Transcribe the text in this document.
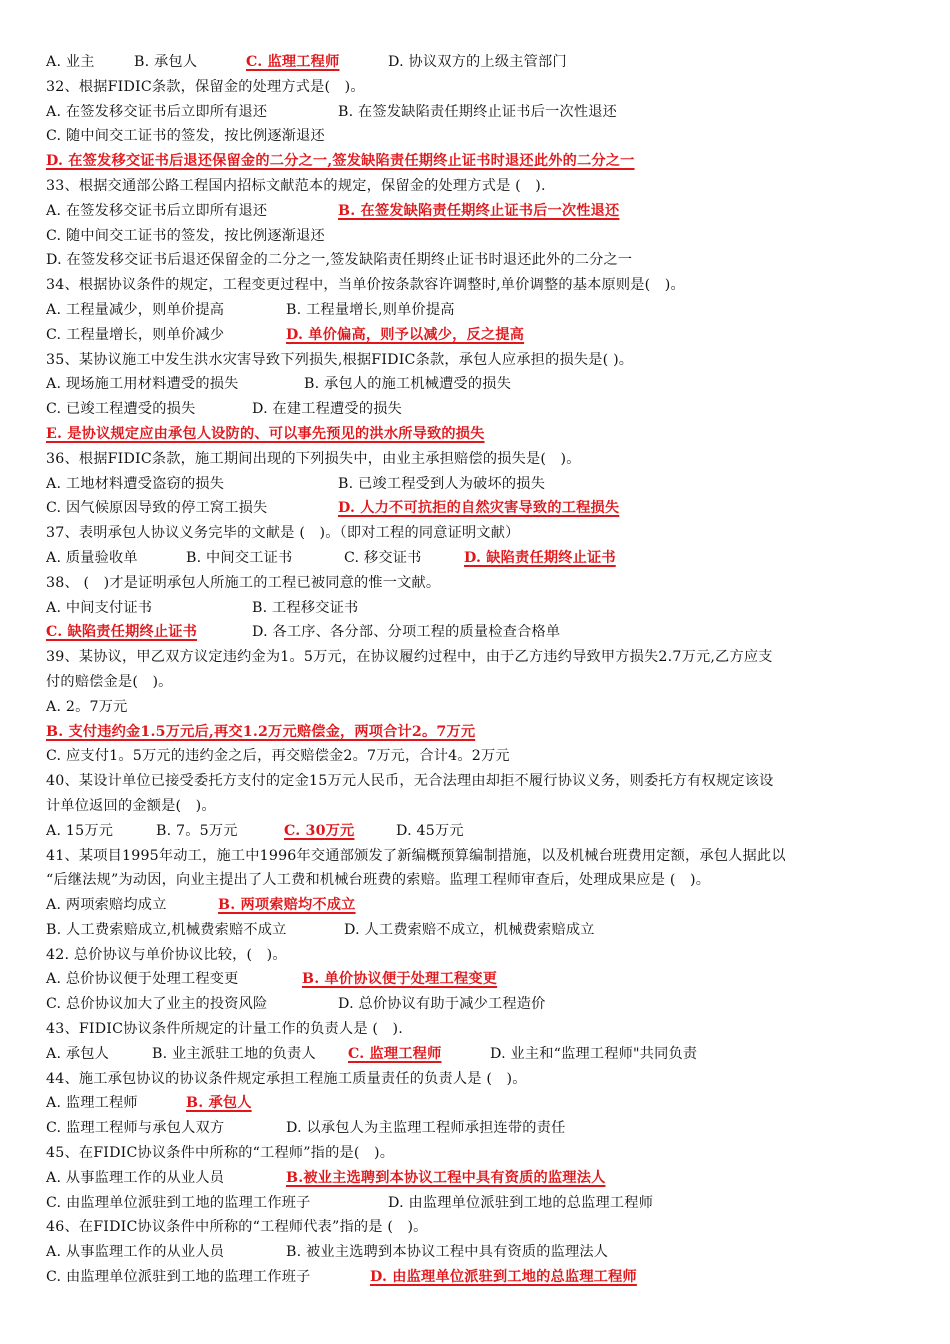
A. 业主	B. 承包人	C. 监理工程师	D. 协议双方的上级主管部门
32、根据FIDIC条款，保留金的处理方式是(　)。
A. 在签发移交证书后立即所有退还	B. 在签发缺陷责任期终止证书后一次性退还
C. 随中间交工证书的签发，按比例逐渐退还
D. 在签发移交证书后退还保留金的二分之一,签发缺陷责任期终止证书时退还此外的二分之一
33、根据交通部公路工程国内招标文献范本的规定，保留金的处理方式是 (　).
A. 在签发移交证书后立即所有退还	B. 在签发缺陷责任期终止证书后一次性退还
C. 随中间交工证书的签发，按比例逐渐退还
D. 在签发移交证书后退还保留金的二分之一,签发缺陷责任期终止证书时退还此外的二分之一
34、根据协议条件的规定，工程变更过程中，当单价按条款容许调整时,单价调整的基本原则是(　)。
A. 工程量减少，则单价提高	B. 工程量增长,则单价提高
C. 工程量增长，则单价减少	D. 单价偏高，则予以减少，反之提高
35、某协议施工中发生洪水灾害导致下列损失,根据FIDIC条款，承包人应承担的损失是( )。
A. 现场施工用材料遭受的损失	B. 承包人的施工机械遭受的损失
C. 已竣工程遭受的损失	D. 在建工程遭受的损失
E. 是协议规定应由承包人设防的、可以事先预见的洪水所导致的损失
36、根据FIDIC条款，施工期间出现的下列损失中，由业主承担赔偿的损失是(　)。
A. 工地材料遭受盗窃的损失	B. 已竣工程受到人为破坏的损失
C. 因气候原因导致的停工窝工损失	D. 人力不可抗拒的自然灾害导致的工程损失
37、表明承包人协议义务完毕的文献是 (　)。（即对工程的同意证明文献）
A. 质量验收单	B. 中间交工证书	C. 移交证书	D. 缺陷责任期终止证书
38、 (　)才是证明承包人所施工的工程已被同意的惟一文献。
A. 中间支付证书	B. 工程移交证书
C. 缺陷责任期终止证书	D. 各工序、各分部、分项工程的质量检查合格单
39、某协议，甲乙双方议定违约金为1。5万元，在协议履约过程中，由于乙方违约导致甲方损失2.7万元,乙方应支
付的赔偿金是(　)。
A. 2。7万元
B. 支付违约金1.5万元后,再交1.2万元赔偿金，两项合计2。7万元
C. 应支付1。5万元的违约金之后，再交赔偿金2。7万元，合计4。2万元
40、某设计单位已接受委托方支付的定金15万元人民币，无合法理由却拒不履行协议义务，则委托方有权规定该设
计单位返回的金额是(　)。
A. 15万元	B. 7。5万元	C. 30万元	D. 45万元
41、某项目1995年动工，施工中1996年交通部颁发了新编概预算编制措施，以及机械台班费用定额，承包人据此以
“后继法规”为动因，向业主提出了人工费和机械台班费的索赔。监理工程师审查后，处理成果应是 (　)。
A. 两项索赔均成立	B. 两项索赔均不成立
B. 人工费索赔成立,机械费索赔不成立	D. 人工费索赔不成立，机械费索赔成立
42. 总价协议与单价协议比较，(　)。
A. 总价协议便于处理工程变更	B. 单价协议便于处理工程变更
C. 总价协议加大了业主的投资风险	D. 总价协议有助于减少工程造价
43、FIDIC协议条件所规定的计量工作的负责人是 (　).
A. 承包人	B. 业主派驻工地的负责人 C. 监理工程师	D. 业主和“监理工程师"共同负责
44、施工承包协议的协议条件规定承担工程施工质量责任的负责人是 (　)。
A. 监理工程师	B. 承包人
C. 监理工程师与承包人双方	D. 以承包人为主监理工程师承担连带的责任
45、在FIDIC协议条件中所称的“工程师”指的是(　)。
A. 从事监理工作的从业人员	B.被业主选聘到本协议工程中具有资质的监理法人
C. 由监理单位派驻到工地的监理工作班子	D. 由监理单位派驻到工地的总监理工程师
46、在FIDIC协议条件中所称的“工程师代表”指的是 (　)。
A. 从事监理工作的从业人员	B. 被业主选聘到本协议工程中具有资质的监理法人
C. 由监理单位派驻到工地的监理工作班子	D. 由监理单位派驻到工地的总监理工程师
